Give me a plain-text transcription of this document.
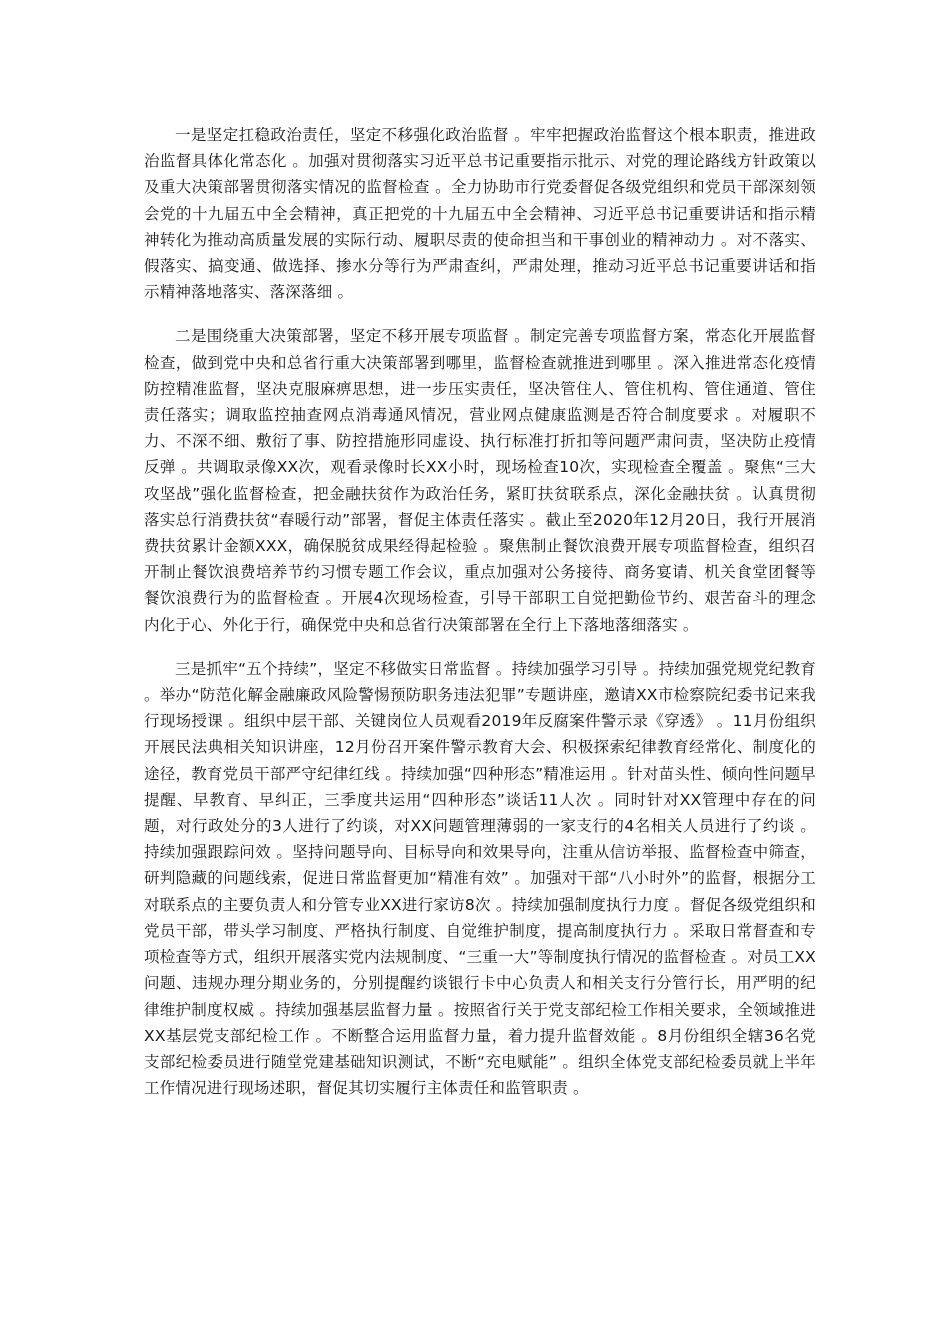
一是坚定扛稳政治责任，坚定不移强化政治监督 。牢牢把握政治监督这个根本职责，推进政治监督具体化常态化 。加强对贯彻落实习近平总书记重要指示批示、对党的理论路线方针政策以及重大决策部署贯彻落实情况的监督检查 。全力协助市行党委督促各级党组织和党员干部深刻领会党的十九届五中全会精神，真正把党的十九届五中全会精神、习近平总书记重要讲话和指示精神转化为推动高质量发展的实际行动、履职尽责的使命担当和干事创业的精神动力 。对不落实、假落实、搞变通、做选择、掺水分等行为严肃查纠，严肃处理，推动习近平总书记重要讲话和指示精神落地落实、落深落细 。

二是围绕重大决策部署，坚定不移开展专项监督 。制定完善专项监督方案，常态化开展监督检查，做到党中央和总省行重大决策部署到哪里，监督检查就推进到哪里 。深入推进常态化疫情防控精准监督，坚决克服麻痹思想，进一步压实责任，坚决管住人、管住机构、管住通道、管住责任落实；调取监控抽查网点消毒通风情况，营业网点健康监测是否符合制度要求 。对履职不力、不深不细、敷衍了事、防控措施形同虚设、执行标准打折扣等问题严肃问责，坚决防止疫情反弹 。共调取录像XX次，观看录像时长XX小时，现场检查10次，实现检查全覆盖 。聚焦“三大攻坚战”强化监督检查，把金融扶贫作为政治任务，紧盯扶贫联系点，深化金融扶贫 。认真贯彻落实总行消费扶贫“春暖行动”部署，督促主体责任落实 。截止至2020年12月20日，我行开展消费扶贫累计金额XXX，确保脱贫成果经得起检验 。聚焦制止餐饮浪费开展专项监督检查，组织召开制止餐饮浪费培养节约习惯专题工作会议，重点加强对公务接待、商务宴请、机关食堂团餐等餐饮浪费行为的监督检查 。开展4次现场检查，引导干部职工自觉把勤俭节约、艰苦奋斗的理念内化于心、外化于行，确保党中央和总省行决策部署在全行上下落地落细落实 。

三是抓牢“五个持续”，坚定不移做实日常监督 。持续加强学习引导 。持续加强党规党纪教育 。举办“防范化解金融廉政风险警惕预防职务违法犯罪”专题讲座，邀请XX市检察院纪委书记来我行现场授课 。组织中层干部、关键岗位人员观看2019年反腐案件警示录《穿透》 。11月份组织开展民法典相关知识讲座，12月份召开案件警示教育大会、积极探索纪律教育经常化、制度化的途径，教育党员干部严守纪律红线 。持续加强“四种形态”精准运用 。针对苗头性、倾向性问题早提醒、早教育、早纠正，三季度共运用“四种形态”谈话11人次 。同时针对XX管理中存在的问题，对行政处分的3人进行了约谈，对XX问题管理薄弱的一家支行的4名相关人员进行了约谈 。持续加强跟踪问效 。坚持问题导向、目标导向和效果导向，注重从信访举报、监督检查中筛查，研判隐藏的问题线索，促进日常监督更加“精准有效” 。加强对干部“八小时外”的监督，根据分工对联系点的主要负责人和分管专业XX进行家访8次 。持续加强制度执行力度 。督促各级党组织和党员干部，带头学习制度、严格执行制度、自觉维护制度，提高制度执行力 。采取日常督查和专项检查等方式，组织开展落实党内法规制度、“三重一大”等制度执行情况的监督检查 。对员工XX问题、违规办理分期业务的，分别提醒约谈银行卡中心负责人和相关支行分管行长，用严明的纪律维护制度权威 。持续加强基层监督力量 。按照省行关于党支部纪检工作相关要求，全领域推进XX基层党支部纪检工作 。不断整合运用监督力量，着力提升监督效能 。8月份组织全辖36名党支部纪检委员进行随堂党建基础知识测试，不断“充电赋能” 。组织全体党支部纪检委员就上半年工作情况进行现场述职，督促其切实履行主体责任和监管职责 。
